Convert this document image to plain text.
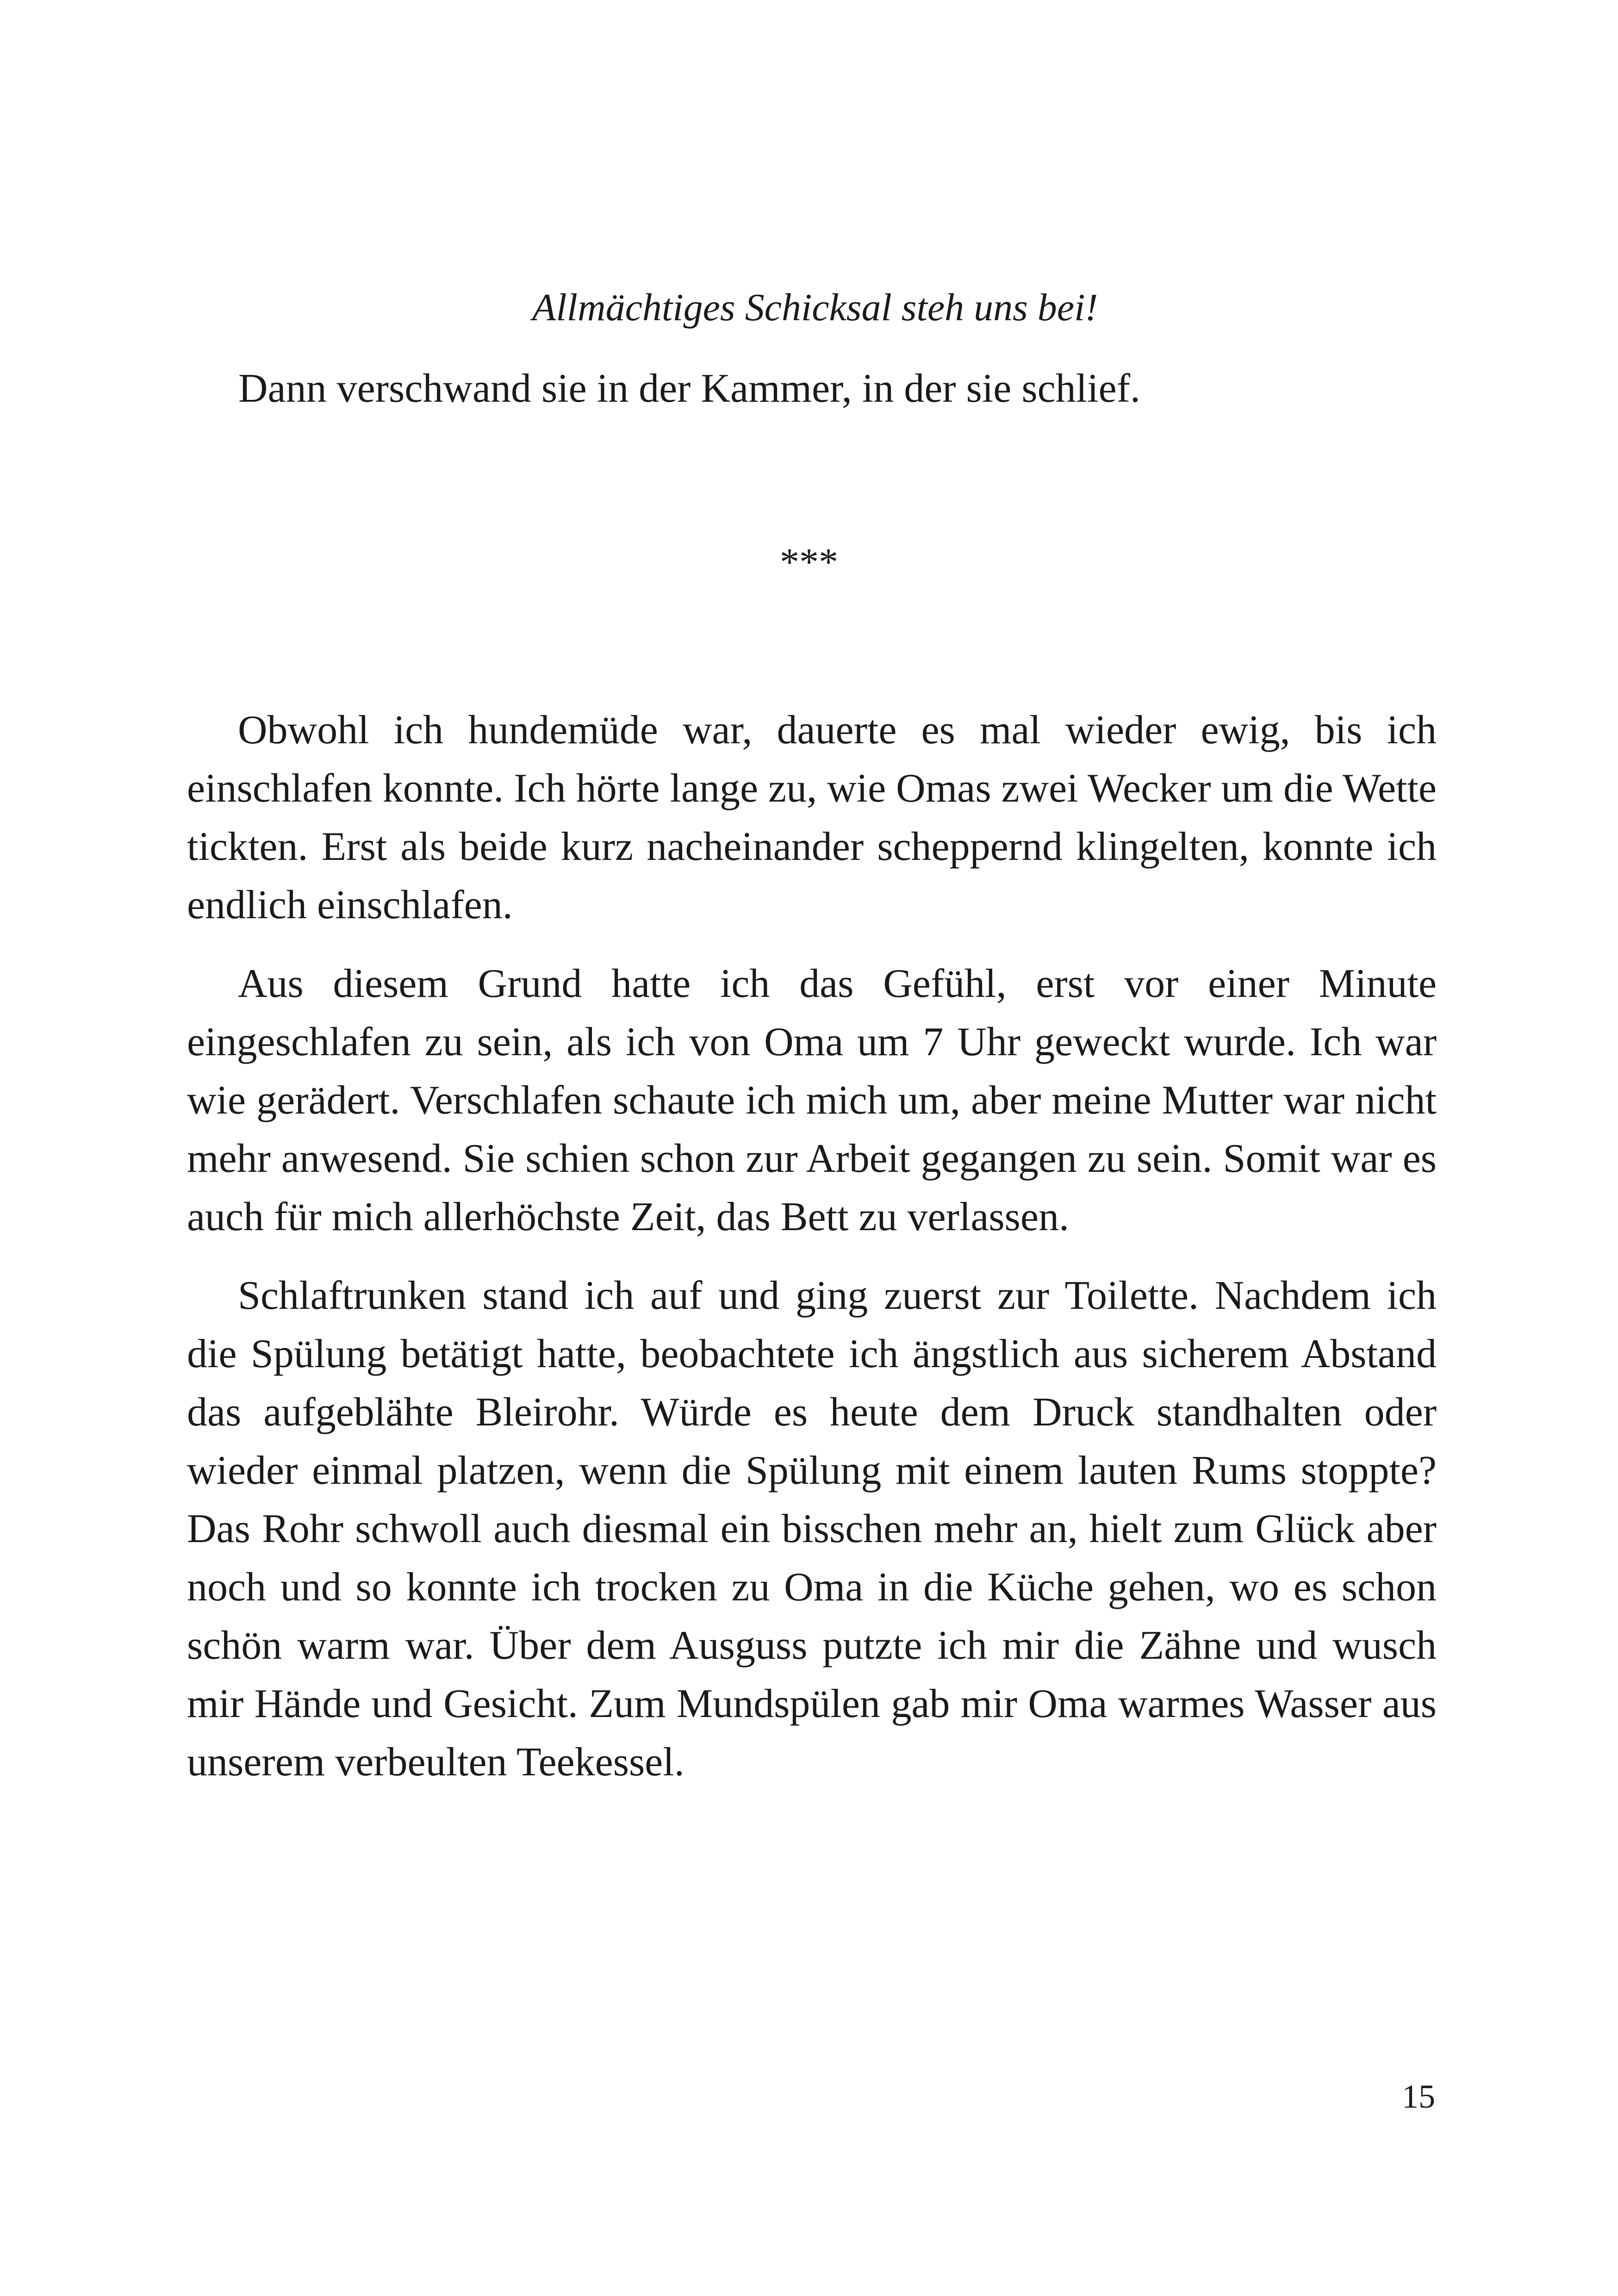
Allmächtiges Schicksal steh uns bei!
Dann verschwand sie in der Kammer, in der sie schlief.
***

Obwohl ich hundemüde war, dauerte es mal wieder ewig, bis ich einschlafen konnte. Ich hörte lange zu, wie Omas zwei Wecker um die Wette tickten. Erst als beide kurz nacheinander scheppernd klingelten, konnte ich endlich einschlafen.

Aus diesem Grund hatte ich das Gefühl, erst vor einer Minute eingeschlafen zu sein, als ich von Oma um 7 Uhr geweckt wurde. Ich war wie gerädert. Verschlafen schaute ich mich um, aber meine Mutter war nicht mehr anwesend. Sie schien schon zur Arbeit gegangen zu sein. Somit war es auch für mich allerhöchste Zeit, das Bett zu verlassen.

Schlaftrunken stand ich auf und ging zuerst zur Toilette. Nachdem ich die Spülung betätigt hatte, beobachtete ich ängstlich aus sicherem Abstand das aufgeblähte Bleirohr. Würde es heute dem Druck standhalten oder wieder einmal platzen, wenn die Spülung mit einem lauten Rums stoppte? Das Rohr schwoll auch diesmal ein bisschen mehr an, hielt zum Glück aber noch und so konnte ich trocken zu Oma in die Küche gehen, wo es schon schön warm war. Über dem Ausguss putzte ich mir die Zähne und wusch mir Hände und Gesicht. Zum Mundspülen gab mir Oma warmes Wasser aus unserem verbeulten Teekessel.

15
